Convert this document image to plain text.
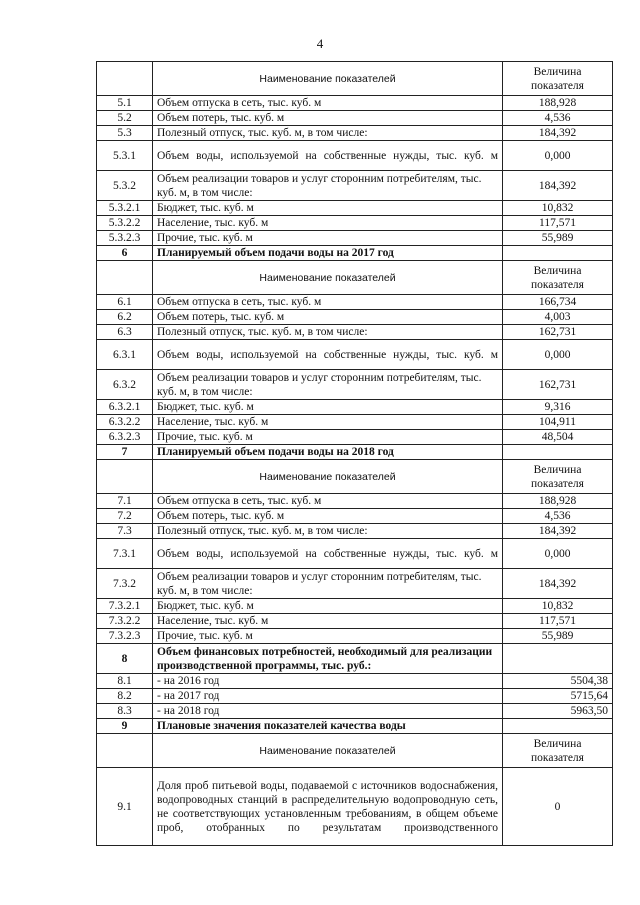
4
	Наименование показателей	Величина показателя
5.1	Объем отпуска в сеть, тыс. куб. м	188,928
5.2	Объем потерь, тыс. куб. м	4,536
5.3	Полезный отпуск, тыс. куб. м, в том числе:	184,392
5.3.1	Объем воды, используемой на собственные нужды, тыс. куб. м	0,000
5.3.2	Объем реализации товаров и услуг сторонним потребителям, тыс. куб. м, в том числе:	184,392
5.3.2.1	Бюджет, тыс. куб. м	10,832
5.3.2.2	Население, тыс. куб. м	117,571
5.3.2.3	Прочие, тыс. куб. м	55,989
6	Планируемый объем подачи воды на 2017 год	
	Наименование показателей	Величина показателя
6.1	Объем отпуска в сеть, тыс. куб. м	166,734
6.2	Объем потерь, тыс. куб. м	4,003
6.3	Полезный отпуск, тыс. куб. м, в том числе:	162,731
6.3.1	Объем воды, используемой на собственные нужды, тыс. куб. м	0,000
6.3.2	Объем реализации товаров и услуг сторонним потребителям, тыс. куб. м, в том числе:	162,731
6.3.2.1	Бюджет, тыс. куб. м	9,316
6.3.2.2	Население, тыс. куб. м	104,911
6.3.2.3	Прочие, тыс. куб. м	48,504
7	Планируемый объем подачи воды на 2018 год	
	Наименование показателей	Величина показателя
7.1	Объем отпуска в сеть, тыс. куб. м	188,928
7.2	Объем потерь, тыс. куб. м	4,536
7.3	Полезный отпуск, тыс. куб. м, в том числе:	184,392
7.3.1	Объем воды, используемой на собственные нужды, тыс. куб. м	0,000
7.3.2	Объем реализации товаров и услуг сторонним потребителям, тыс. куб. м, в том числе:	184,392
7.3.2.1	Бюджет, тыс. куб. м	10,832
7.3.2.2	Население, тыс. куб. м	117,571
7.3.2.3	Прочие, тыс. куб. м	55,989
8	Объем финансовых потребностей, необходимый для реализации производственной программы, тыс. руб.:	
8.1	- на 2016 год	5504,38
8.2	- на 2017 год	5715,64
8.3	- на 2018 год	5963,50
9	Плановые значения показателей качества воды	
	Наименование показателей	Величина показателя
9.1	Доля проб питьевой воды, подаваемой с источников водоснабжения, водопроводных станций в распределительную водопроводную сеть, не соответствующих установленным требованиям, в общем объеме проб, отобранных по результатам производственного	0
